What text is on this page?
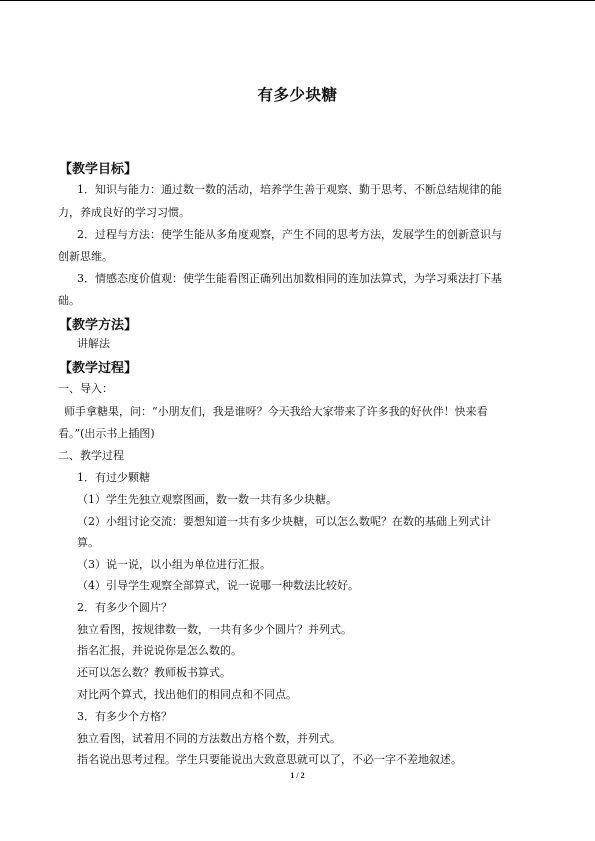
有多少块糖
【教学目标】
1．知识与能力：通过数一数的活动，培养学生善于观察、勤于思考、不断总结规律的能
力，养成良好的学习习惯。
2．过程与方法：使学生能从多角度观察，产生不同的思考方法，发展学生的创新意识与
创新思维。
3．情感态度价值观：使学生能看图正确列出加数相同的连加法算式，为学习乘法打下基
础。
【教学方法】
讲解法
【教学过程】
一、导入：
师手拿糖果，问：“小朋友们，我是谁呀？今天我给大家带来了许多我的好伙伴！快来看
看。”(出示书上插图)
二、教学过程
1．有过少颗糖
（1）学生先独立观察图画，数一数一共有多少块糖。
（2）小组讨论交流：要想知道一共有多少块糖，可以怎么数呢？在数的基础上列式计
算。
（3）说一说，以小组为单位进行汇报。
（4）引导学生观察全部算式，说一说哪一种数法比较好。
2．有多少个圆片？
独立看图，按规律数一数，一共有多少个圆片？并列式。
指名汇报，并说说你是怎么数的。
还可以怎么数？教师板书算式。
对比两个算式，找出他们的相同点和不同点。
3．有多少个方格？
独立看图，试着用不同的方法数出方格个数，并列式。
指名说出思考过程。学生只要能说出大致意思就可以了，不必一字不差地叙述。
1 / 2
